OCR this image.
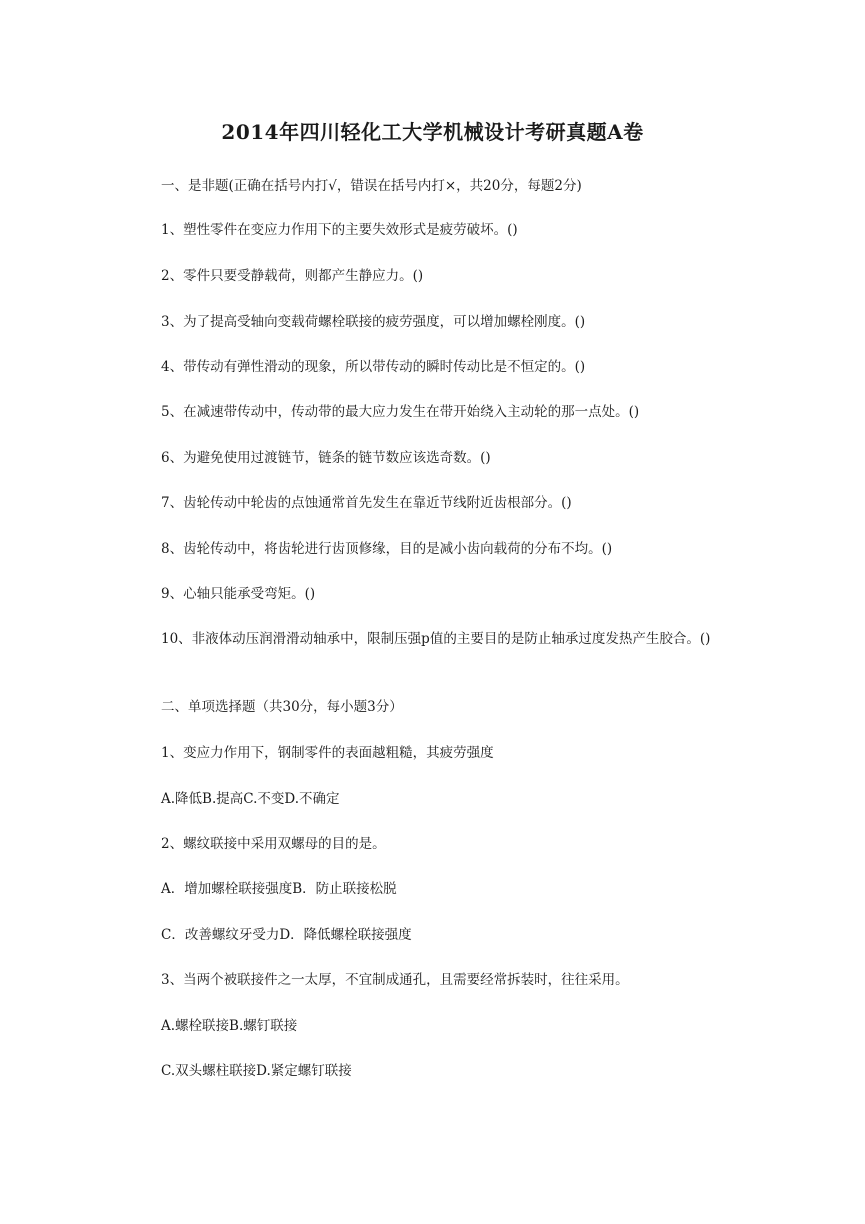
2014年四川轻化工大学机械设计考研真题A卷
一、是非题(正确在括号内打√，错误在括号内打×，共20分，每题2分)
1、塑性零件在变应力作用下的主要失效形式是疲劳破坏。()
2、零件只要受静载荷，则都产生静应力。()
3、为了提高受轴向变载荷螺栓联接的疲劳强度，可以增加螺栓刚度。()
4、带传动有弹性滑动的现象，所以带传动的瞬时传动比是不恒定的。()
5、在减速带传动中，传动带的最大应力发生在带开始绕入主动轮的那一点处。()
6、为避免使用过渡链节，链条的链节数应该选奇数。()
7、齿轮传动中轮齿的点蚀通常首先发生在靠近节线附近齿根部分。()
8、齿轮传动中，将齿轮进行齿顶修缘，目的是减小齿向载荷的分布不均。()
9、心轴只能承受弯矩。()
10、非液体动压润滑滑动轴承中，限制压强p值的主要目的是防止轴承过度发热产生胶合。()
二、单项选择题（共30分，每小题3分）
1、变应力作用下，钢制零件的表面越粗糙，其疲劳强度
A.降低B.提高C.不变D.不确定
2、螺纹联接中采用双螺母的目的是。
A．增加螺栓联接强度B．防止联接松脱
C．改善螺纹牙受力D．降低螺栓联接强度
3、当两个被联接件之一太厚，不宜制成通孔，且需要经常拆装时，往往采用。
A.螺栓联接B.螺钉联接
C.双头螺柱联接D.紧定螺钉联接
